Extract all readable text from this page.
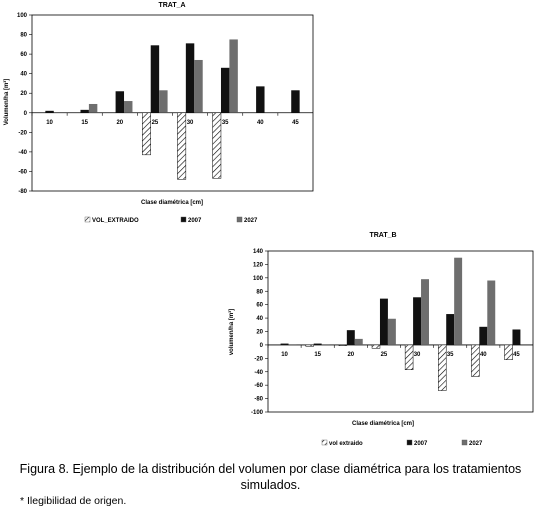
-80
-60
-40
-20
0
20
40
60
80
100
10	15	20	25	30	35	40	45
TRAT_A
Clase diamétrica [cm]
Volumen/ha [m³]
VOL_EXTRAIDO	2007	2027
-100
-80
-60
-40
-20
0
20
40
60
80
100
120
140
10	15	20	25	30	35	40	45
TRAT_B
Clase diamétrica [cm]
volumen/ha [m³]
vol extraido	2007	2027
Figura 8. Ejemplo de la distribución del volumen por clase diamétrica para los tratamientos simulados.
* Ilegibilidad de origen.
